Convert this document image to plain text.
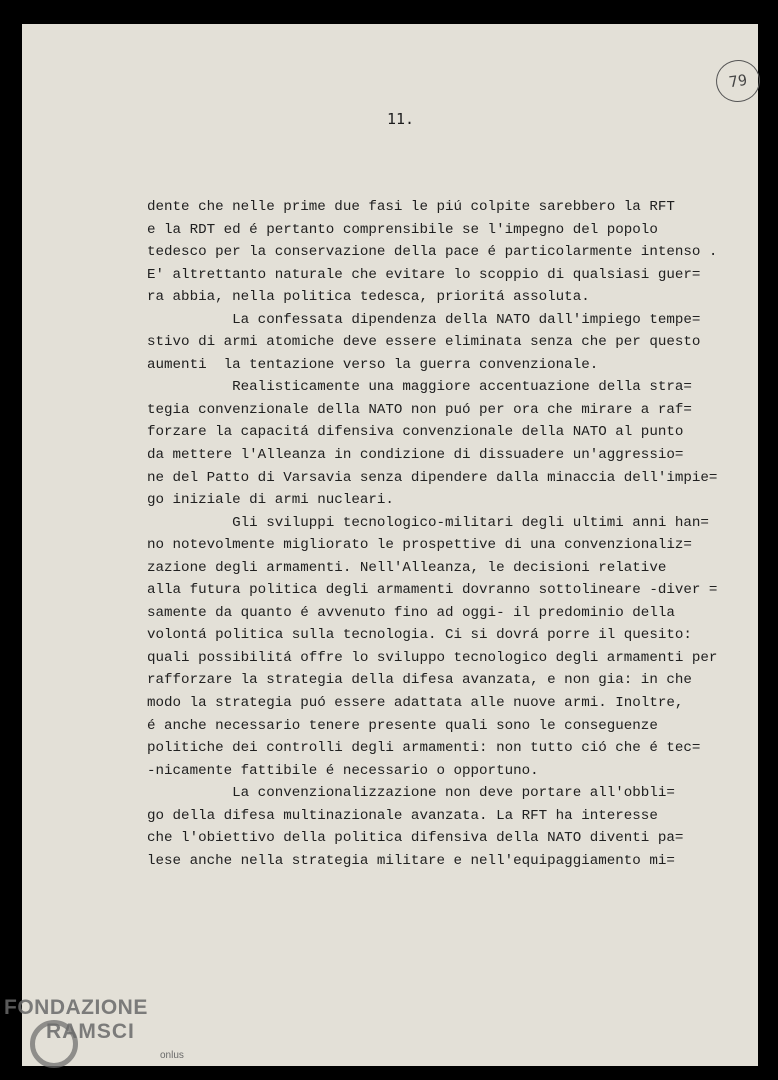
79
11.
dente che nelle prime due fasi le piú colpite sarebbero la RFT
e la RDT ed é pertanto comprensibile se l'impegno del popolo
tedesco per la conservazione della pace é particolarmente intenso .
E' altrettanto naturale che evitare lo scoppio di qualsiasi guer=
ra abbia, nella politica tedesca, prioritá assoluta.
La confessata dipendenza della NATO dall'impiego tempe=
stivo di armi atomiche deve essere eliminata senza che per questo
aumenti  la tentazione verso la guerra convenzionale.
Realisticamente una maggiore accentuazione della stra=
tegia convenzionale della NATO non puó per ora che mirare a raf=
forzare la capacitá difensiva convenzionale della NATO al punto
da mettere l'Alleanza in condizione di dissuadere un'aggressio=
ne del Patto di Varsavia senza dipendere dalla minaccia dell'impie=
go iniziale di armi nucleari.
Gli sviluppi tecnologico-militari degli ultimi anni han=
no notevolmente migliorato le prospettive di una convenzionaliz=
zazione degli armamenti. Nell'Alleanza, le decisioni relative
alla futura politica degli armamenti dovranno sottolineare -diver =
samente da quanto é avvenuto fino ad oggi- il predominio della
volontá politica sulla tecnologia. Ci si dovrá porre il quesito:
quali possibilitá offre lo sviluppo tecnologico degli armamenti per
rafforzare la strategia della difesa avanzata, e non gia: in che
modo la strategia puó essere adattata alle nuove armi. Inoltre,
é anche necessario tenere presente quali sono le conseguenze
politiche dei controlli degli armamenti: non tutto ció che é tec=
-nicamente fattibile é necessario o opportuno.
La convenzionalizzazione non deve portare all'obbli=
go della difesa multinazionale avanzata. La RFT ha interesse
che l'obiettivo della politica difensiva della NATO diventi pa=
lese anche nella strategia militare e nell'equipaggiamento mi=
FONDAZIONE
RAMSCI
onlus
